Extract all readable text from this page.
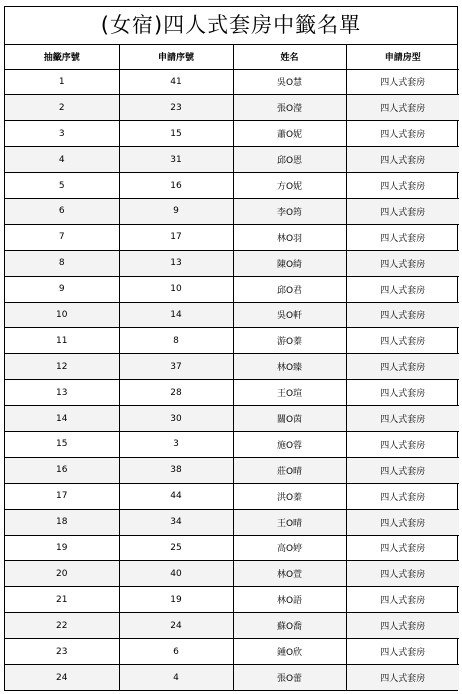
(女宿)四人式套房中籤名單
抽籤序號	申請序號	姓名	申請房型
1	41	吳O慧	四人式套房
2	23	張O瀅	四人式套房
3	15	蕭O妮	四人式套房
4	31	邱O恩	四人式套房
5	16	方O妮	四人式套房
6	9	李O筠	四人式套房
7	17	林O羽	四人式套房
8	13	陳O綺	四人式套房
9	10	邱O君	四人式套房
10	14	吳O軒	四人式套房
11	8	游O蓁	四人式套房
12	37	林O臻	四人式套房
13	28	王O瑄	四人式套房
14	30	關O茵	四人式套房
15	3	施O蓉	四人式套房
16	38	莊O晴	四人式套房
17	44	洪O蓁	四人式套房
18	34	王O晴	四人式套房
19	25	高O婷	四人式套房
20	40	林O萱	四人式套房
21	19	林O語	四人式套房
22	24	蘇O喬	四人式套房
23	6	鍾O欣	四人式套房
24	4	張O蕾	四人式套房
